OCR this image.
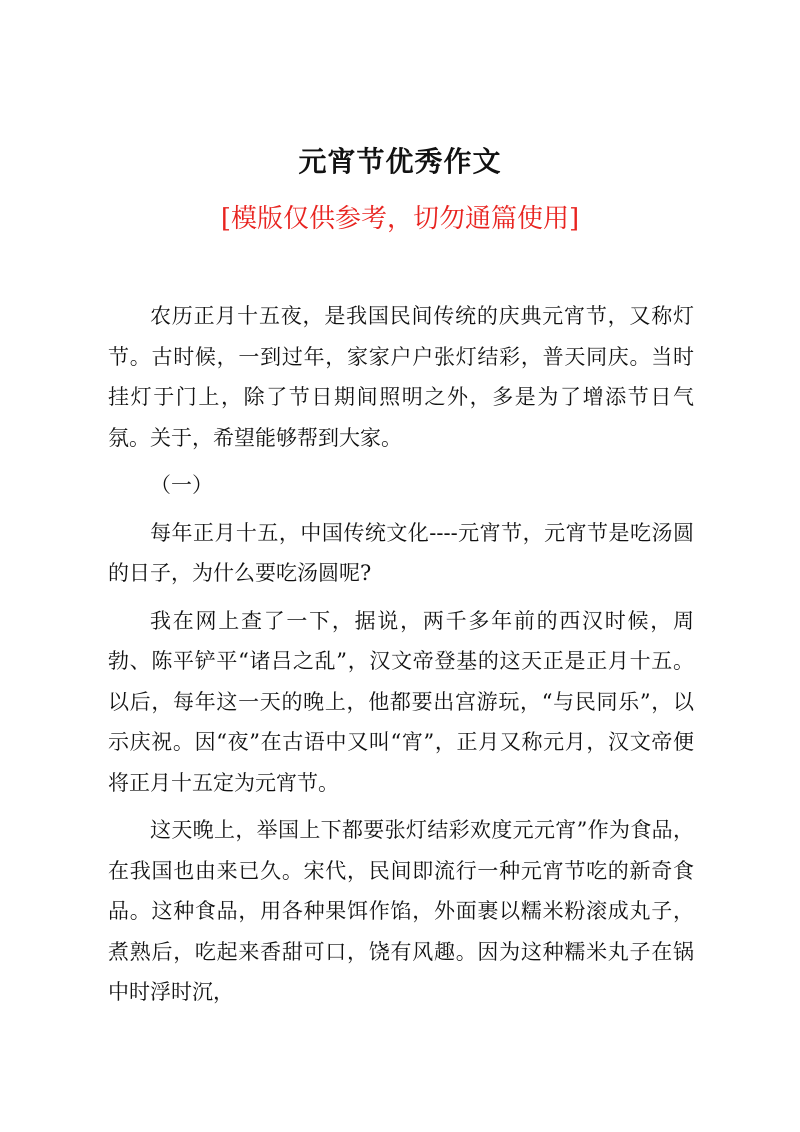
元宵节优秀作文
[模版仅供参考，切勿通篇使用]

农历正月十五夜，是我国民间传统的庆典元宵节，又称灯节。古时候，一到过年，家家户户张灯结彩，普天同庆。当时挂灯于门上，除了节日期间照明之外，多是为了增添节日气氛。关于，希望能够帮到大家。

（一）

每年正月十五，中国传统文化----元宵节，元宵节是吃汤圆的日子，为什么要吃汤圆呢?

我在网上查了一下，据说，两千多年前的西汉时候，周勃、陈平铲平“诸吕之乱”，汉文帝登基的这天正是正月十五。以后，每年这一天的晚上，他都要出宫游玩，“与民同乐”，以示庆祝。因“夜”在古语中又叫“宵”，正月又称元月，汉文帝便将正月十五定为元宵节。

这天晚上，举国上下都要张灯结彩欢度元元宵”作为食品，在我国也由来已久。宋代，民间即流行一种元宵节吃的新奇食品。这种食品，用各种果饵作馅，外面裹以糯米粉滚成丸子，煮熟后，吃起来香甜可口，饶有风趣。因为这种糯米丸子在锅中时浮时沉，
